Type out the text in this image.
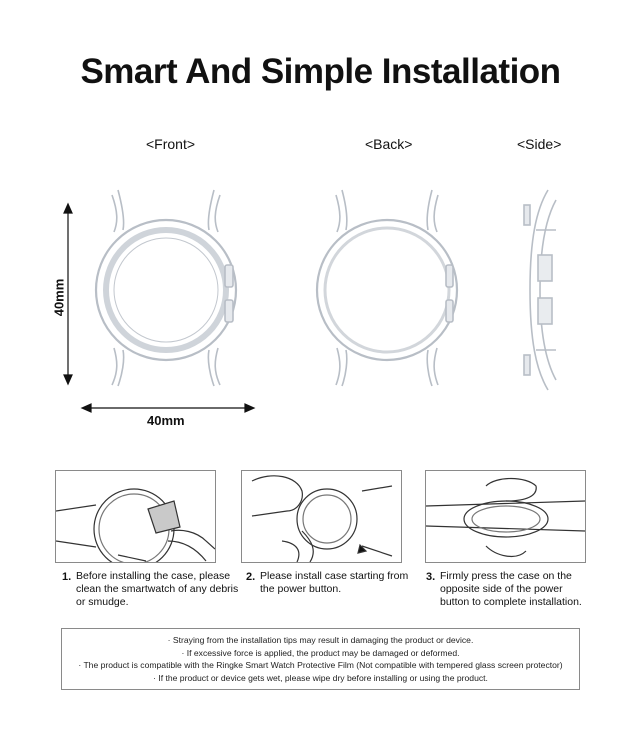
Smart And Simple Installation
<Front>	<Back>	<Side>
40mm
40mm
1. Before installing the case, please clean the smartwatch of any debris or smudge.
2. Please install case starting from the power button.
3. Firmly press the case on the opposite side of the power button to complete installation.
· Straying from the installation tips may result in damaging the product or device.
· If excessive force is applied, the product may be damaged or deformed.
· The product is compatible with the Ringke Smart Watch Protective Film (Not compatible with tempered glass screen protector)
· If the product or device gets wet, please wipe dry before installing or using the product.
